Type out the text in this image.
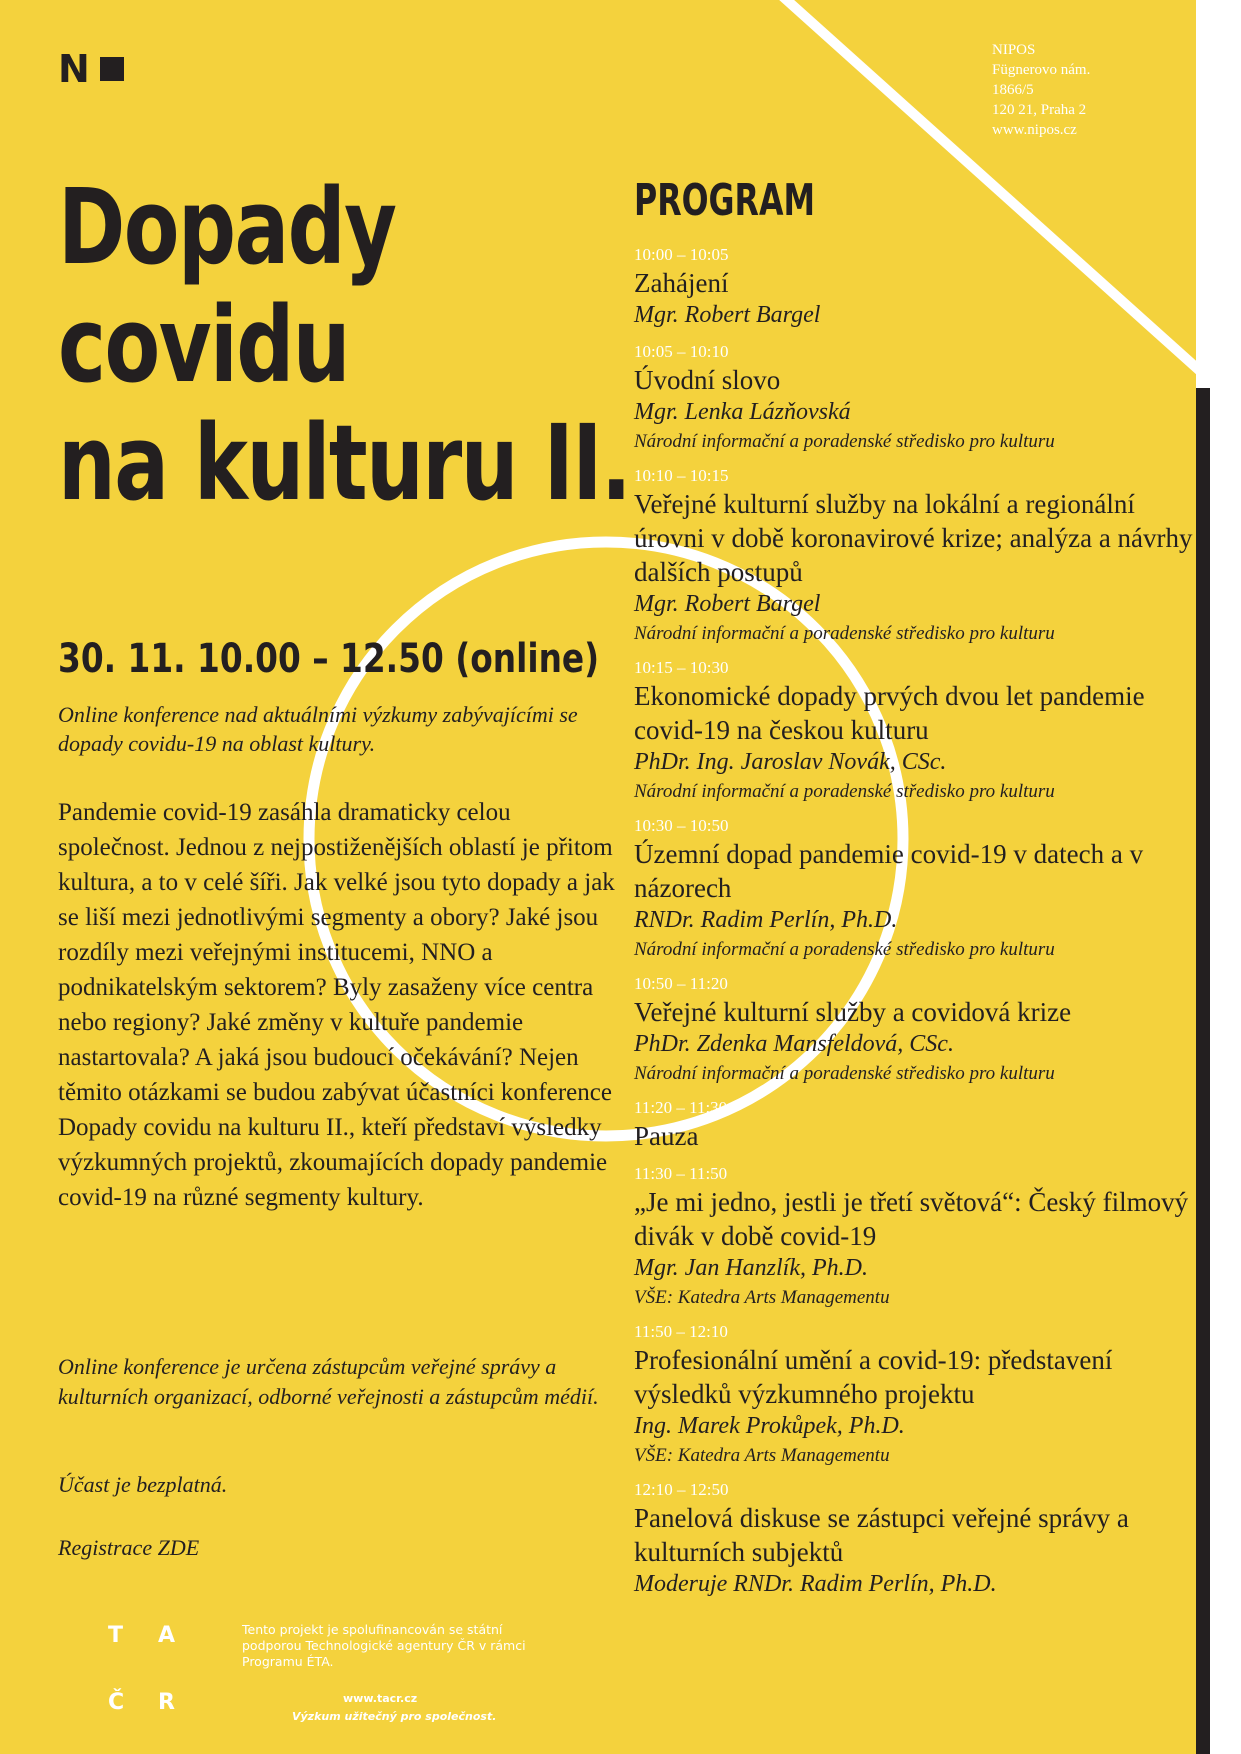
N	NIPOS
Fügnerovo nám.
1866/5
120 21, Praha 2
www.nipos.cz
Dopady
covidu
na kulturu II.
30. 11. 10.00 – 12.50 (online)
Online konference nad aktuálními výzkumy zabývajícími se dopady covidu-19 na oblast kultury.
Pandemie covid-19 zasáhla dramaticky celou společnost. Jednou z nejpostiženějších oblastí je přitom kultura, a to v celé šíři. Jak velké jsou tyto dopady a jak se liší mezi jednotlivými segmenty a obory? Jaké jsou rozdíly mezi veřejnými institucemi, NNO a podnikatelským sektorem? Byly zasaženy více centra nebo regiony? Jaké změny v kultuře pandemie nastartovala? A jaká jsou budoucí očekávání? Nejen těmito otázkami se budou zabývat účastníci konference Dopady covidu na kulturu II., kteří představí výsledky výzkumných projektů, zkoumajících dopady pandemie covid-19 na různé segmenty kultury.
Online konference je určena zástupcům veřejné správy a kulturních organizací, odborné veřejnosti a zástupcům médií.
Účast je bezplatná.
Registrace ZDE
T	A
Č	R
Tento projekt je spolufinancován se státní podporou Technologické agentury ČR v rámci Programu ÉTA.
www.tacr.cz
Výzkum užitečný pro společnost.
PROGRAM
10:00 – 10:05
Zahájení
Mgr. Robert Bargel
10:05 – 10:10
Úvodní slovo
Mgr. Lenka Lázňovská
Národní informační a poradenské středisko pro kulturu
10:10 – 10:15
Veřejné kulturní služby na lokální a regionální úrovni v době koronavirové krize; analýza a návrhy dalších postupů
Mgr. Robert Bargel
Národní informační a poradenské středisko pro kulturu
10:15 – 10:30
Ekonomické dopady prvých dvou let pandemie covid-19 na českou kulturu
PhDr. Ing. Jaroslav Novák, CSc.
Národní informační a poradenské středisko pro kulturu
10:30 – 10:50
Územní dopad pandemie covid-19 v datech a v názorech
RNDr. Radim Perlín, Ph.D.
Národní informační a poradenské středisko pro kulturu
10:50 – 11:20
Veřejné kulturní služby a covidová krize
PhDr. Zdenka Mansfeldová, CSc.
Národní informační a poradenské středisko pro kulturu
11:20 – 11:30
Pauza
11:30 – 11:50
„Je mi jedno, jestli je třetí světová“: Český filmový divák v době covid-19
Mgr. Jan Hanzlík, Ph.D.
VŠE: Katedra Arts Managementu
11:50 – 12:10
Profesionální umění a covid-19: představení výsledků výzkumného projektu
Ing. Marek Prokůpek, Ph.D.
VŠE: Katedra Arts Managementu
12:10 – 12:50
Panelová diskuse se zástupci veřejné správy a kulturních subjektů
Moderuje RNDr. Radim Perlín, Ph.D.
